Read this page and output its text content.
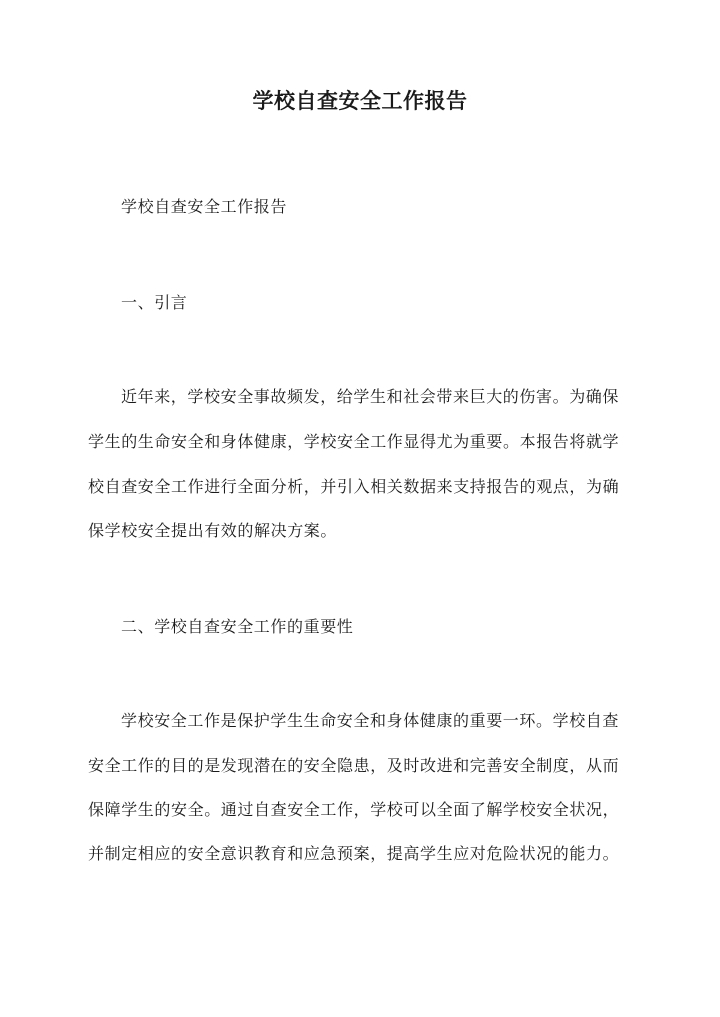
学校自查安全工作报告
学校自查安全工作报告
一、引言
近年来，学校安全事故频发，给学生和社会带来巨大的伤害。为确保
学生的生命安全和身体健康，学校安全工作显得尤为重要。本报告将就学
校自查安全工作进行全面分析，并引入相关数据来支持报告的观点，为确
保学校安全提出有效的解决方案。
二、学校自查安全工作的重要性
学校安全工作是保护学生生命安全和身体健康的重要一环。学校自查
安全工作的目的是发现潜在的安全隐患，及时改进和完善安全制度，从而
保障学生的安全。通过自查安全工作，学校可以全面了解学校安全状况，
并制定相应的安全意识教育和应急预案，提高学生应对危险状况的能力。
